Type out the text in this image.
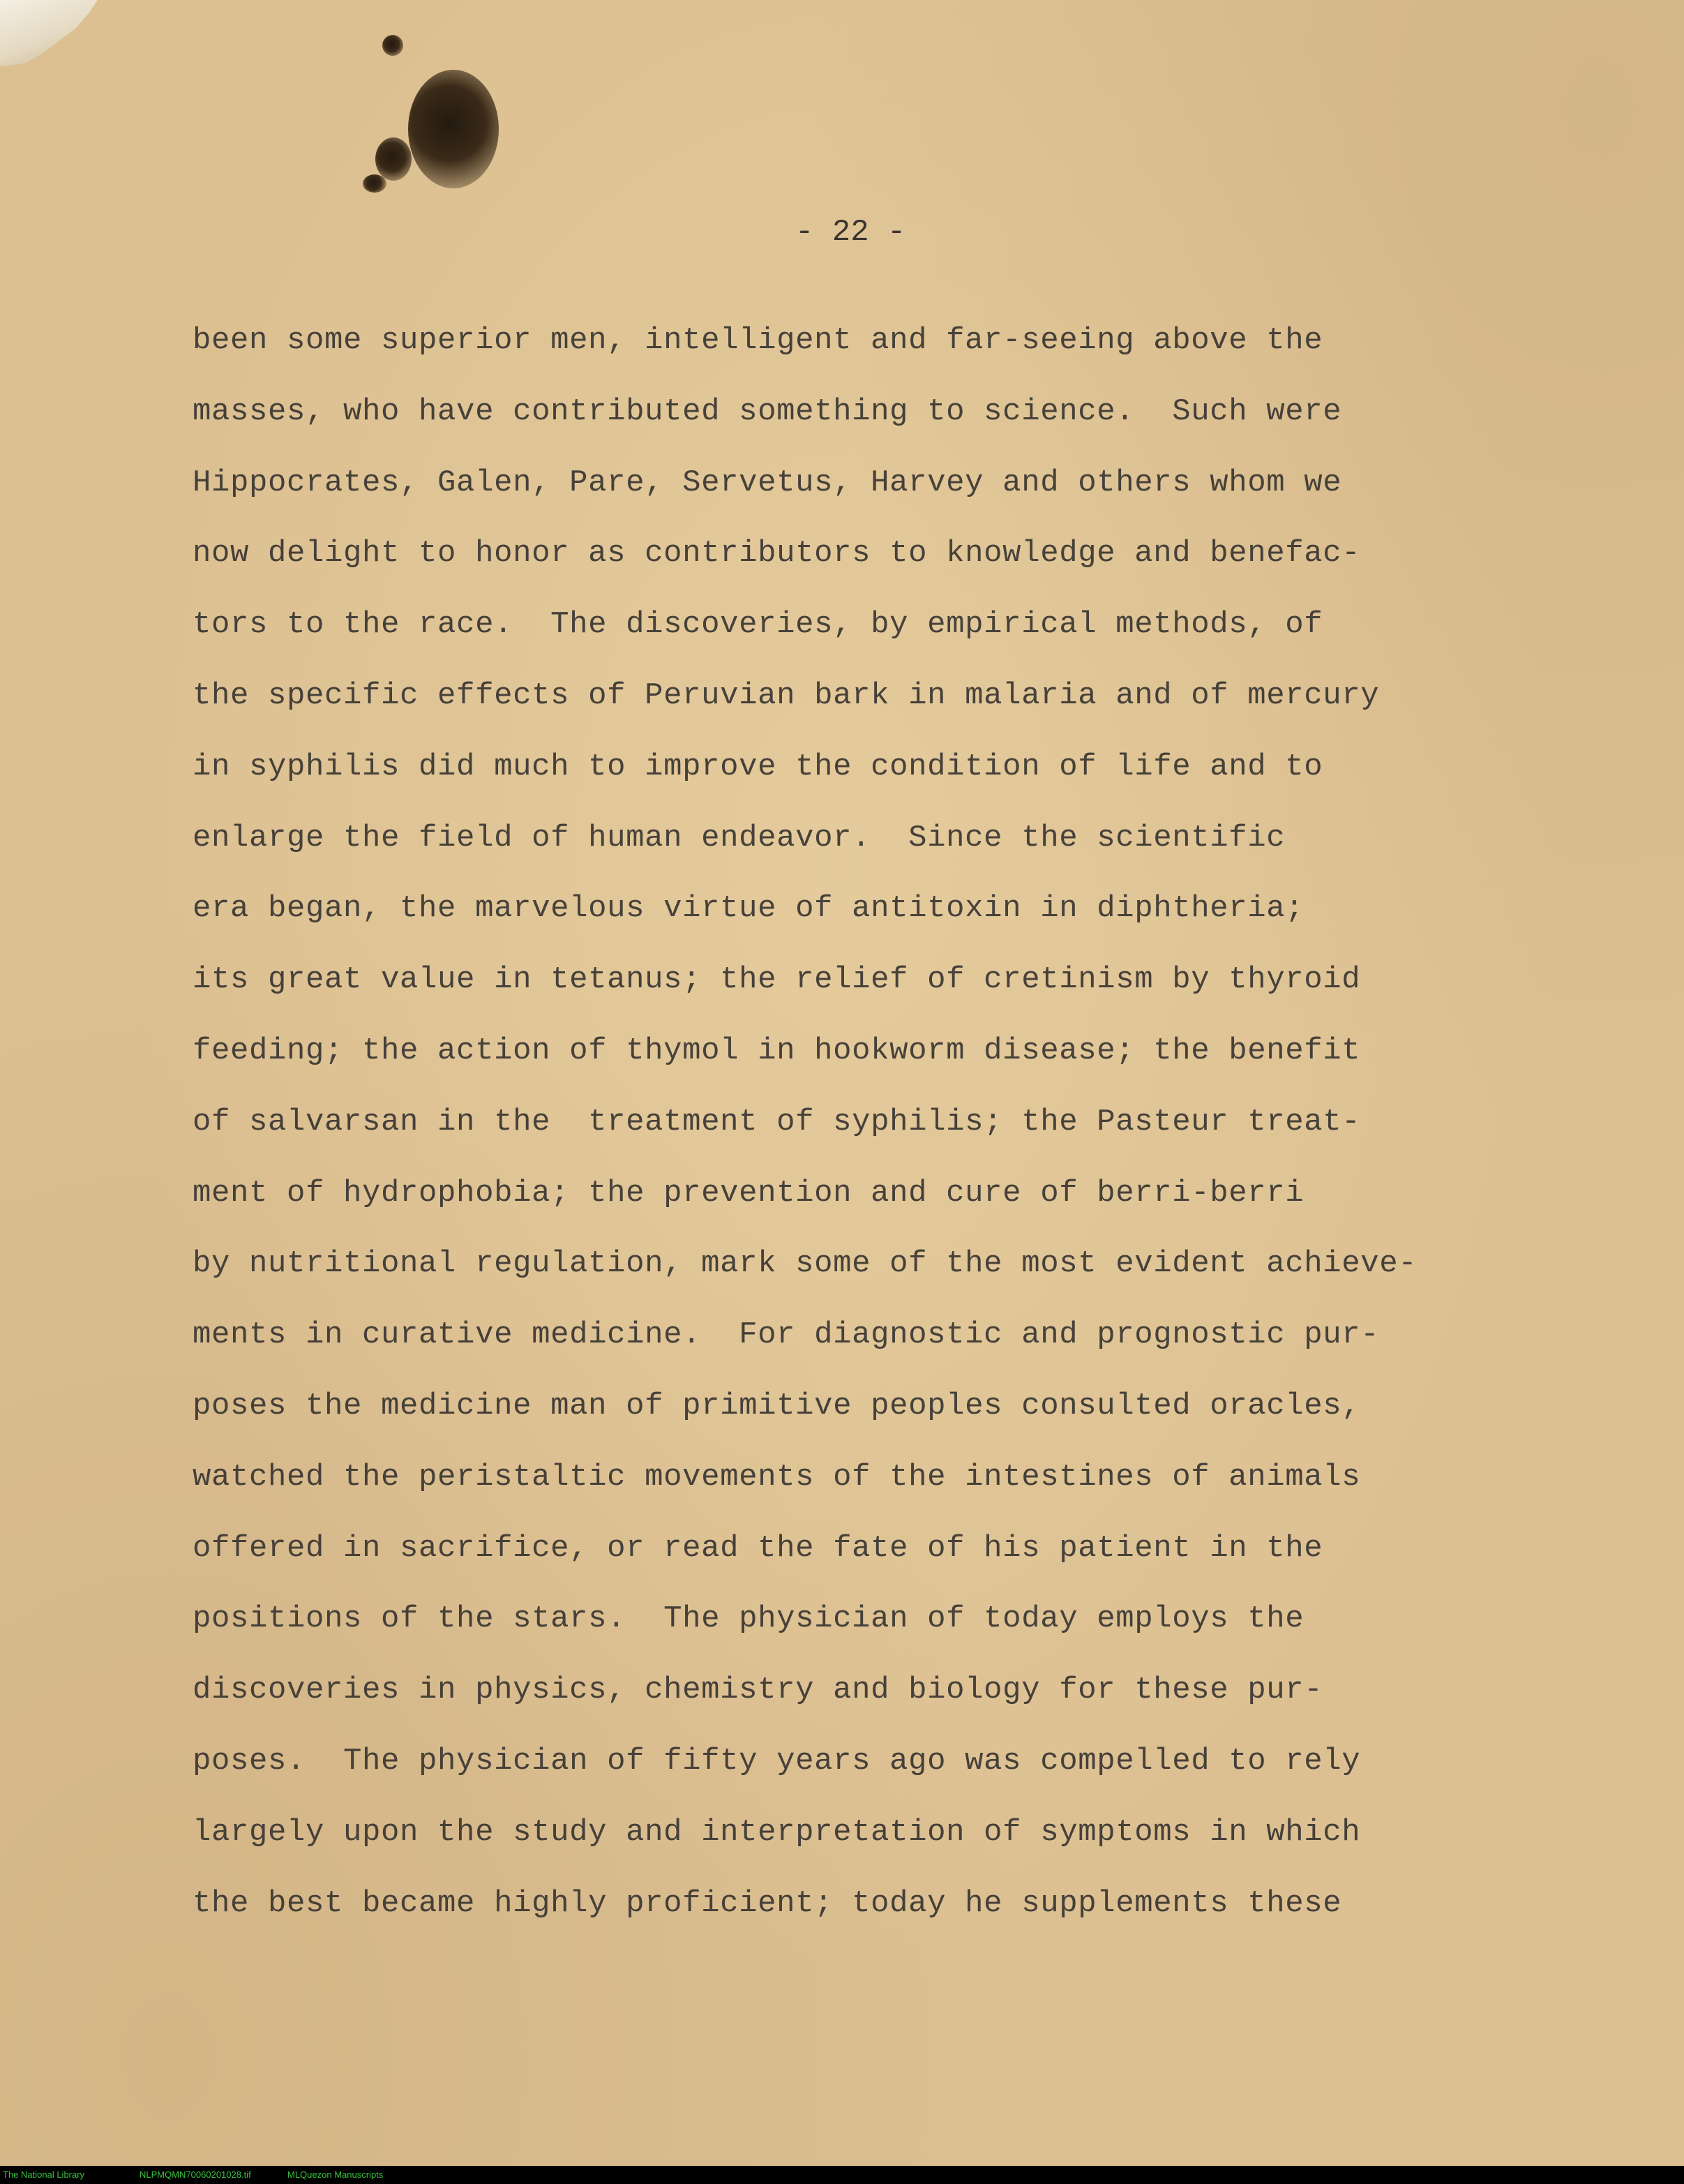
- 22 -
been some superior men, intelligent and far-seeing above the
masses, who have contributed something to science.  Such were
Hippocrates, Galen, Pare, Servetus, Harvey and others whom we
now delight to honor as contributors to knowledge and benefac-
tors to the race.  The discoveries, by empirical methods, of
the specific effects of Peruvian bark in malaria and of mercury
in syphilis did much to improve the condition of life and to
enlarge the field of human endeavor.  Since the scientific
era began, the marvelous virtue of antitoxin in diphtheria;
its great value in tetanus; the relief of cretinism by thyroid
feeding; the action of thymol in hookworm disease; the benefit
of salvarsan in the  treatment of syphilis; the Pasteur treat-
ment of hydrophobia; the prevention and cure of berri-berri
by nutritional regulation, mark some of the most evident achieve-
ments in curative medicine.  For diagnostic and prognostic pur-
poses the medicine man of primitive peoples consulted oracles,
watched the peristaltic movements of the intestines of animals
offered in sacrifice, or read the fate of his patient in the
positions of the stars.  The physician of today employs the
discoveries in physics, chemistry and biology for these pur-
poses.  The physician of fifty years ago was compelled to rely
largely upon the study and interpretation of symptoms in which
the best became highly proficient; today he supplements these
The National Library	NLPMQMN70060201028.tif	MLQuezon Manuscripts
